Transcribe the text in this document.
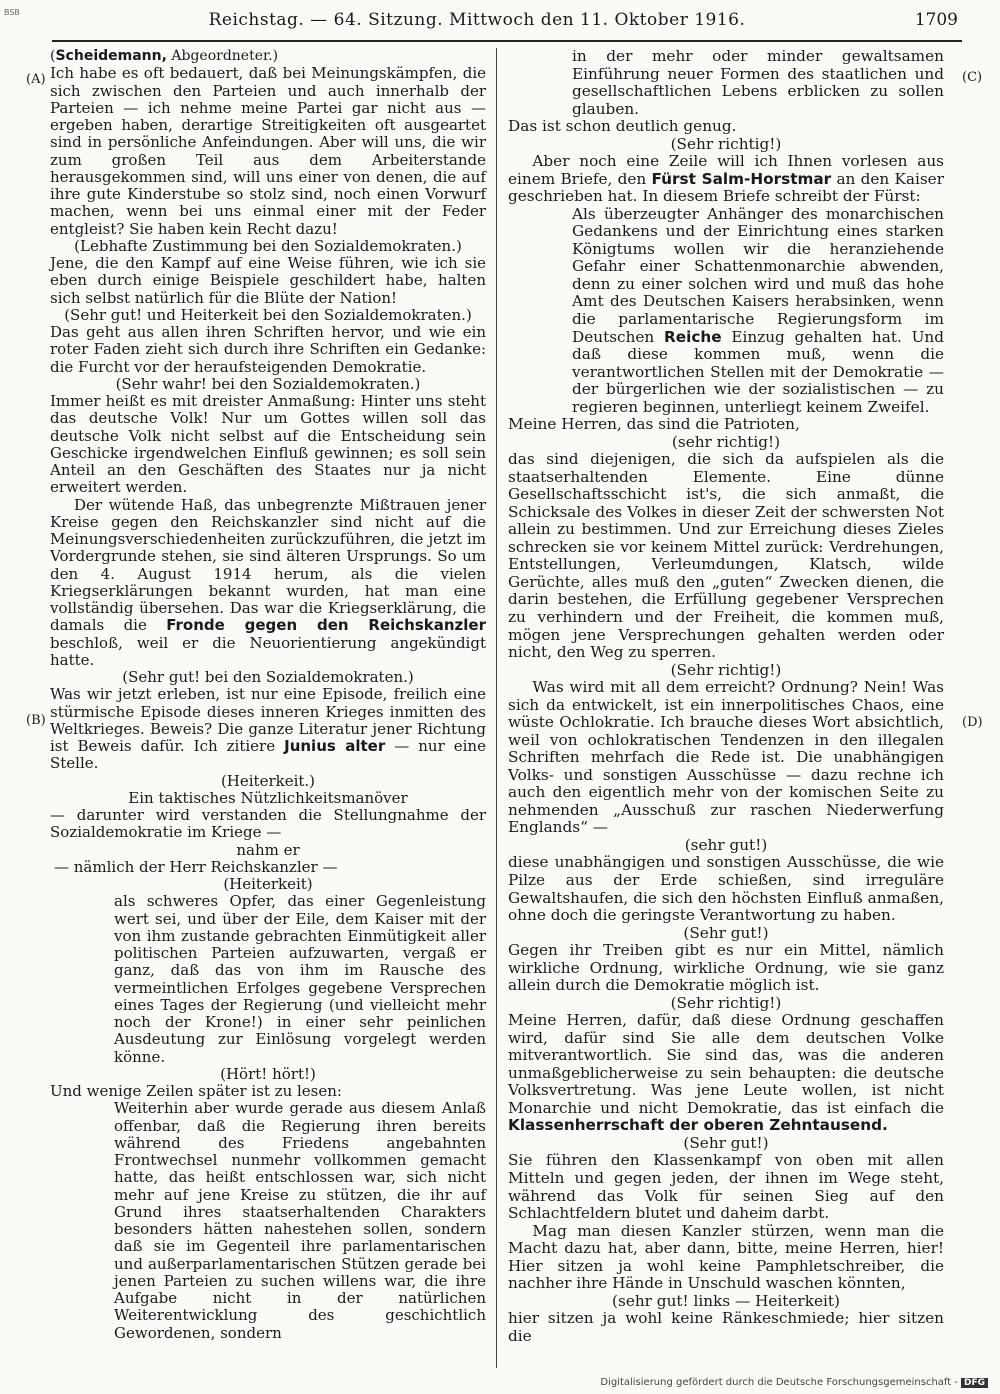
BSB	Reichstag. — 64. Sitzung. Mittwoch den 11. Oktober 1916.	1709
(A)
(B)
(C)
(D)

(Scheidemann, Abgeordneter.)

Ich habe es oft bedauert, daß bei Meinungskämpfen, die sich zwischen den Parteien und auch innerhalb der Parteien — ich nehme meine Partei gar nicht aus — ergeben haben, derartige Streitigkeiten oft ausgeartet sind in persönliche Anfeindungen. Aber will uns, die wir zum großen Teil aus dem Arbeiterstande herausgekommen sind, will uns einer von denen, die auf ihre gute Kinderstube so stolz sind, noch einen Vorwurf machen, wenn bei uns einmal einer mit der Feder entgleist? Sie haben kein Recht dazu!

(Lebhafte Zustimmung bei den Sozialdemokraten.)

Jene, die den Kampf auf eine Weise führen, wie ich sie eben durch einige Beispiele geschildert habe, halten sich selbst natürlich für die Blüte der Nation!

(Sehr gut! und Heiterkeit bei den Sozialdemokraten.)

Das geht aus allen ihren Schriften hervor, und wie ein roter Faden zieht sich durch ihre Schriften ein Gedanke: die Furcht vor der heraufsteigenden Demokratie.

(Sehr wahr! bei den Sozialdemokraten.)

Immer heißt es mit dreister Anmaßung: Hinter uns steht das deutsche Volk! Nur um Gottes willen soll das deutsche Volk nicht selbst auf die Entscheidung sein Geschicke irgendwelchen Einfluß gewinnen; es soll sein Anteil an den Geschäften des Staates nur ja nicht erweitert werden.

Der wütende Haß, das unbegrenzte Mißtrauen jener Kreise gegen den Reichskanzler sind nicht auf die Meinungsverschiedenheiten zurückzuführen, die jetzt im Vordergrunde stehen, sie sind älteren Ursprungs. So um den 4. August 1914 herum, als die vielen Kriegserklärungen bekannt wurden, hat man eine vollständig übersehen. Das war die Kriegserklärung, die damals die Fronde gegen den Reichskanzler beschloß, weil er die Neuorientierung angekündigt hatte.

(Sehr gut! bei den Sozialdemokraten.)

Was wir jetzt erleben, ist nur eine Episode, freilich eine stürmische Episode dieses inneren Krieges inmitten des Weltkrieges. Beweis? Die ganze Literatur jener Richtung ist Beweis dafür. Ich zitiere Junius alter — nur eine Stelle.

(Heiterkeit.)

Ein taktisches Nützlichkeitsmanöver

— darunter wird verstanden die Stellungnahme der Sozialdemokratie im Kriege —

nahm er

— nämlich der Herr Reichskanzler —

(Heiterkeit)

als schweres Opfer, das einer Gegenleistung wert sei, und über der Eile, dem Kaiser mit der von ihm zustande gebrachten Einmütigkeit aller politischen Parteien aufzuwarten, vergaß er ganz, daß das von ihm im Rausche des vermeintlichen Erfolges gegebene Versprechen eines Tages der Regierung (und vielleicht mehr noch der Krone!) in einer sehr peinlichen Ausdeutung zur Einlösung vorgelegt werden könne.

(Hört! hört!)

Und wenige Zeilen später ist zu lesen:

Weiterhin aber wurde gerade aus diesem Anlaß offenbar, daß die Regierung ihren bereits während des Friedens angebahnten Frontwechsel nunmehr vollkommen gemacht hatte, das heißt entschlossen war, sich nicht mehr auf jene Kreise zu stützen, die ihr auf Grund ihres staatserhaltenden Charakters besonders hätten nahestehen sollen, sondern daß sie im Gegenteil ihre parlamentarischen und außerparlamentarischen Stützen gerade bei jenen Parteien zu suchen willens war, die ihre Aufgabe nicht in der natürlichen Weiterentwicklung des geschichtlich Gewordenen, sondern

in der mehr oder minder gewaltsamen Einführung neuer Formen des staatlichen und gesellschaftlichen Lebens erblicken zu sollen glauben.

Das ist schon deutlich genug.

(Sehr richtig!)

Aber noch eine Zeile will ich Ihnen vorlesen aus einem Briefe, den Fürst Salm-Horstmar an den Kaiser geschrieben hat. In diesem Briefe schreibt der Fürst:

Als überzeugter Anhänger des monarchischen Gedankens und der Einrichtung eines starken Königtums wollen wir die heranziehende Gefahr einer Schattenmonarchie abwenden, denn zu einer solchen wird und muß das hohe Amt des Deutschen Kaisers herabsinken, wenn die parlamentarische Regierungsform im Deutschen Reiche Einzug gehalten hat. Und daß diese kommen muß, wenn die verantwortlichen Stellen mit der Demokratie — der bürgerlichen wie der sozialistischen — zu regieren beginnen, unterliegt keinem Zweifel.

Meine Herren, das sind die Patrioten,

(sehr richtig!)

das sind diejenigen, die sich da aufspielen als die staatserhaltenden Elemente. Eine dünne Gesellschaftsschicht ist's, die sich anmaßt, die Schicksale des Volkes in dieser Zeit der schwersten Not allein zu bestimmen. Und zur Erreichung dieses Zieles schrecken sie vor keinem Mittel zurück: Verdrehungen, Entstellungen, Verleumdungen, Klatsch, wilde Gerüchte, alles muß den „guten“ Zwecken dienen, die darin bestehen, die Erfüllung gegebener Versprechen zu verhindern und der Freiheit, die kommen muß, mögen jene Versprechungen gehalten werden oder nicht, den Weg zu sperren.

(Sehr richtig!)

Was wird mit all dem erreicht? Ordnung? Nein! Was sich da entwickelt, ist ein innerpolitisches Chaos, eine wüste Ochlokratie. Ich brauche dieses Wort absichtlich, weil von ochlokratischen Tendenzen in den illegalen Schriften mehrfach die Rede ist. Die unabhängigen Volks- und sonstigen Ausschüsse — dazu rechne ich auch den eigentlich mehr von der komischen Seite zu nehmenden „Ausschuß zur raschen Niederwerfung Englands“ —

(sehr gut!)

diese unabhängigen und sonstigen Ausschüsse, die wie Pilze aus der Erde schießen, sind irreguläre Gewaltshaufen, die sich den höchsten Einfluß anmaßen, ohne doch die geringste Verantwortung zu haben.

(Sehr gut!)

Gegen ihr Treiben gibt es nur ein Mittel, nämlich wirkliche Ordnung, wirkliche Ordnung, wie sie ganz allein durch die Demokratie möglich ist.

(Sehr richtig!)

Meine Herren, dafür, daß diese Ordnung geschaffen wird, dafür sind Sie alle dem deutschen Volke mitverantwortlich. Sie sind das, was die anderen unmaßgeblicherweise zu sein behaupten: die deutsche Volksvertretung. Was jene Leute wollen, ist nicht Monarchie und nicht Demokratie, das ist einfach die Klassenherrschaft der oberen Zehntausend.

(Sehr gut!)

Sie führen den Klassenkampf von oben mit allen Mitteln und gegen jeden, der ihnen im Wege steht, während das Volk für seinen Sieg auf den Schlachtfeldern blutet und daheim darbt.

Mag man diesen Kanzler stürzen, wenn man die Macht dazu hat, aber dann, bitte, meine Herren, hier! Hier sitzen ja wohl keine Pamphletschreiber, die nachher ihre Hände in Unschuld waschen könnten,

(sehr gut! links — Heiterkeit)

hier sitzen ja wohl keine Ränkeschmiede; hier sitzen die

Digitalisierung gefördert durch die Deutsche Forschungsgemeinschaft - DFG
